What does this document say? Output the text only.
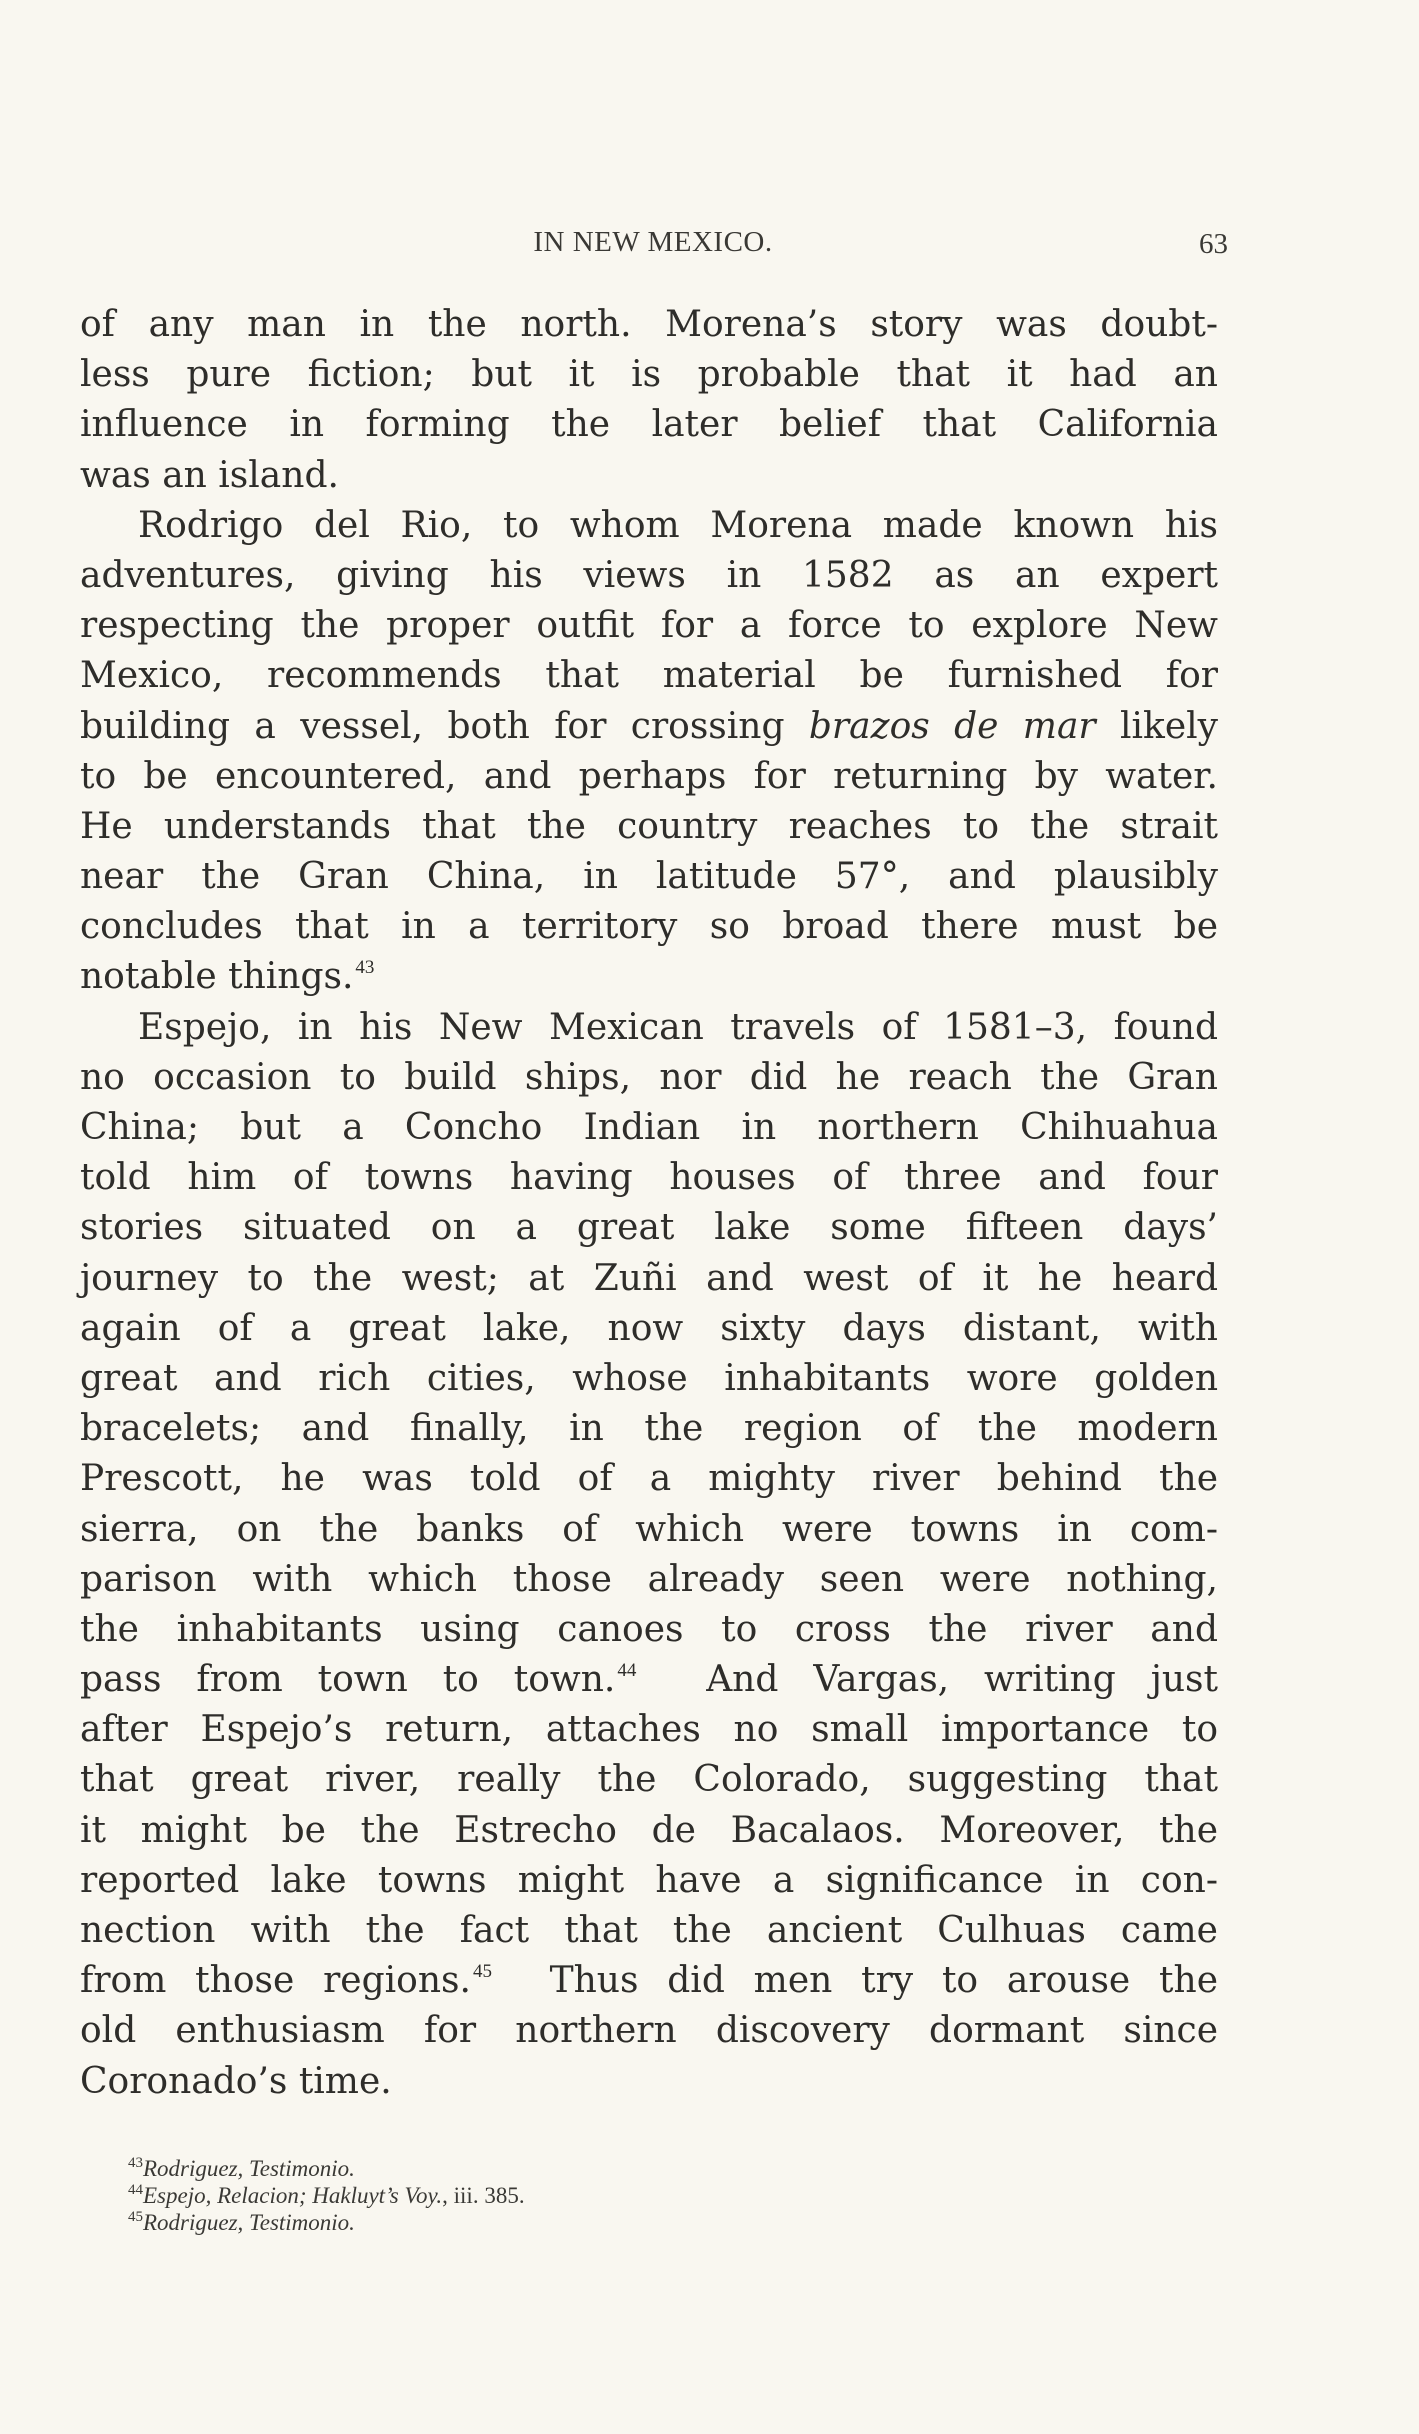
IN NEW MEXICO.	63
of any man in the north. Morena’s story was doubt-
less pure fiction; but it is probable that it had an
influence in forming the later belief that California
was an island.
Rodrigo del Rio, to whom Morena made known his
adventures, giving his views in 1582 as an expert
respecting the proper outfit for a force to explore New
Mexico, recommends that material be furnished for
building a vessel, both for crossing brazos de mar likely
to be encountered, and perhaps for returning by water.
He understands that the country reaches to the strait
near the Gran China, in latitude 57°, and plausibly
concludes that in a territory so broad there must be
notable things. $^{43}$
Espejo, in his New Mexican travels of 1581–3, found
no occasion to build ships, nor did he reach the Gran
China; but a Concho Indian in northern Chihuahua
told him of towns having houses of three and four
stories situated on a great lake some fifteen days’
journey to the west; at Zuñi and west of it he heard
again of a great lake, now sixty days distant, with
great and rich cities, whose inhabitants wore golden
bracelets; and finally, in the region of the modern
Prescott, he was told of a mighty river behind the
sierra, on the banks of which were towns in com-
parison with which those already seen were nothing,
the inhabitants using canoes to cross the river and
pass from town to town. $^{44}$ And Vargas, writing just
after Espejo’s return, attaches no small importance to
that great river, really the Colorado, suggesting that
it might be the Estrecho de Bacalaos. Moreover, the
reported lake towns might have a significance in con-
nection with the fact that the ancient Culhuas came
from those regions. $^{45}$ Thus did men try to arouse the
old enthusiasm for northern discovery dormant since
Coronado’s time.
$^{43}$Rodriguez, Testimonio.
$^{44}$Espejo, Relacion; Hakluyt’s Voy., iii. 385.
$^{45}$Rodriguez, Testimonio.
